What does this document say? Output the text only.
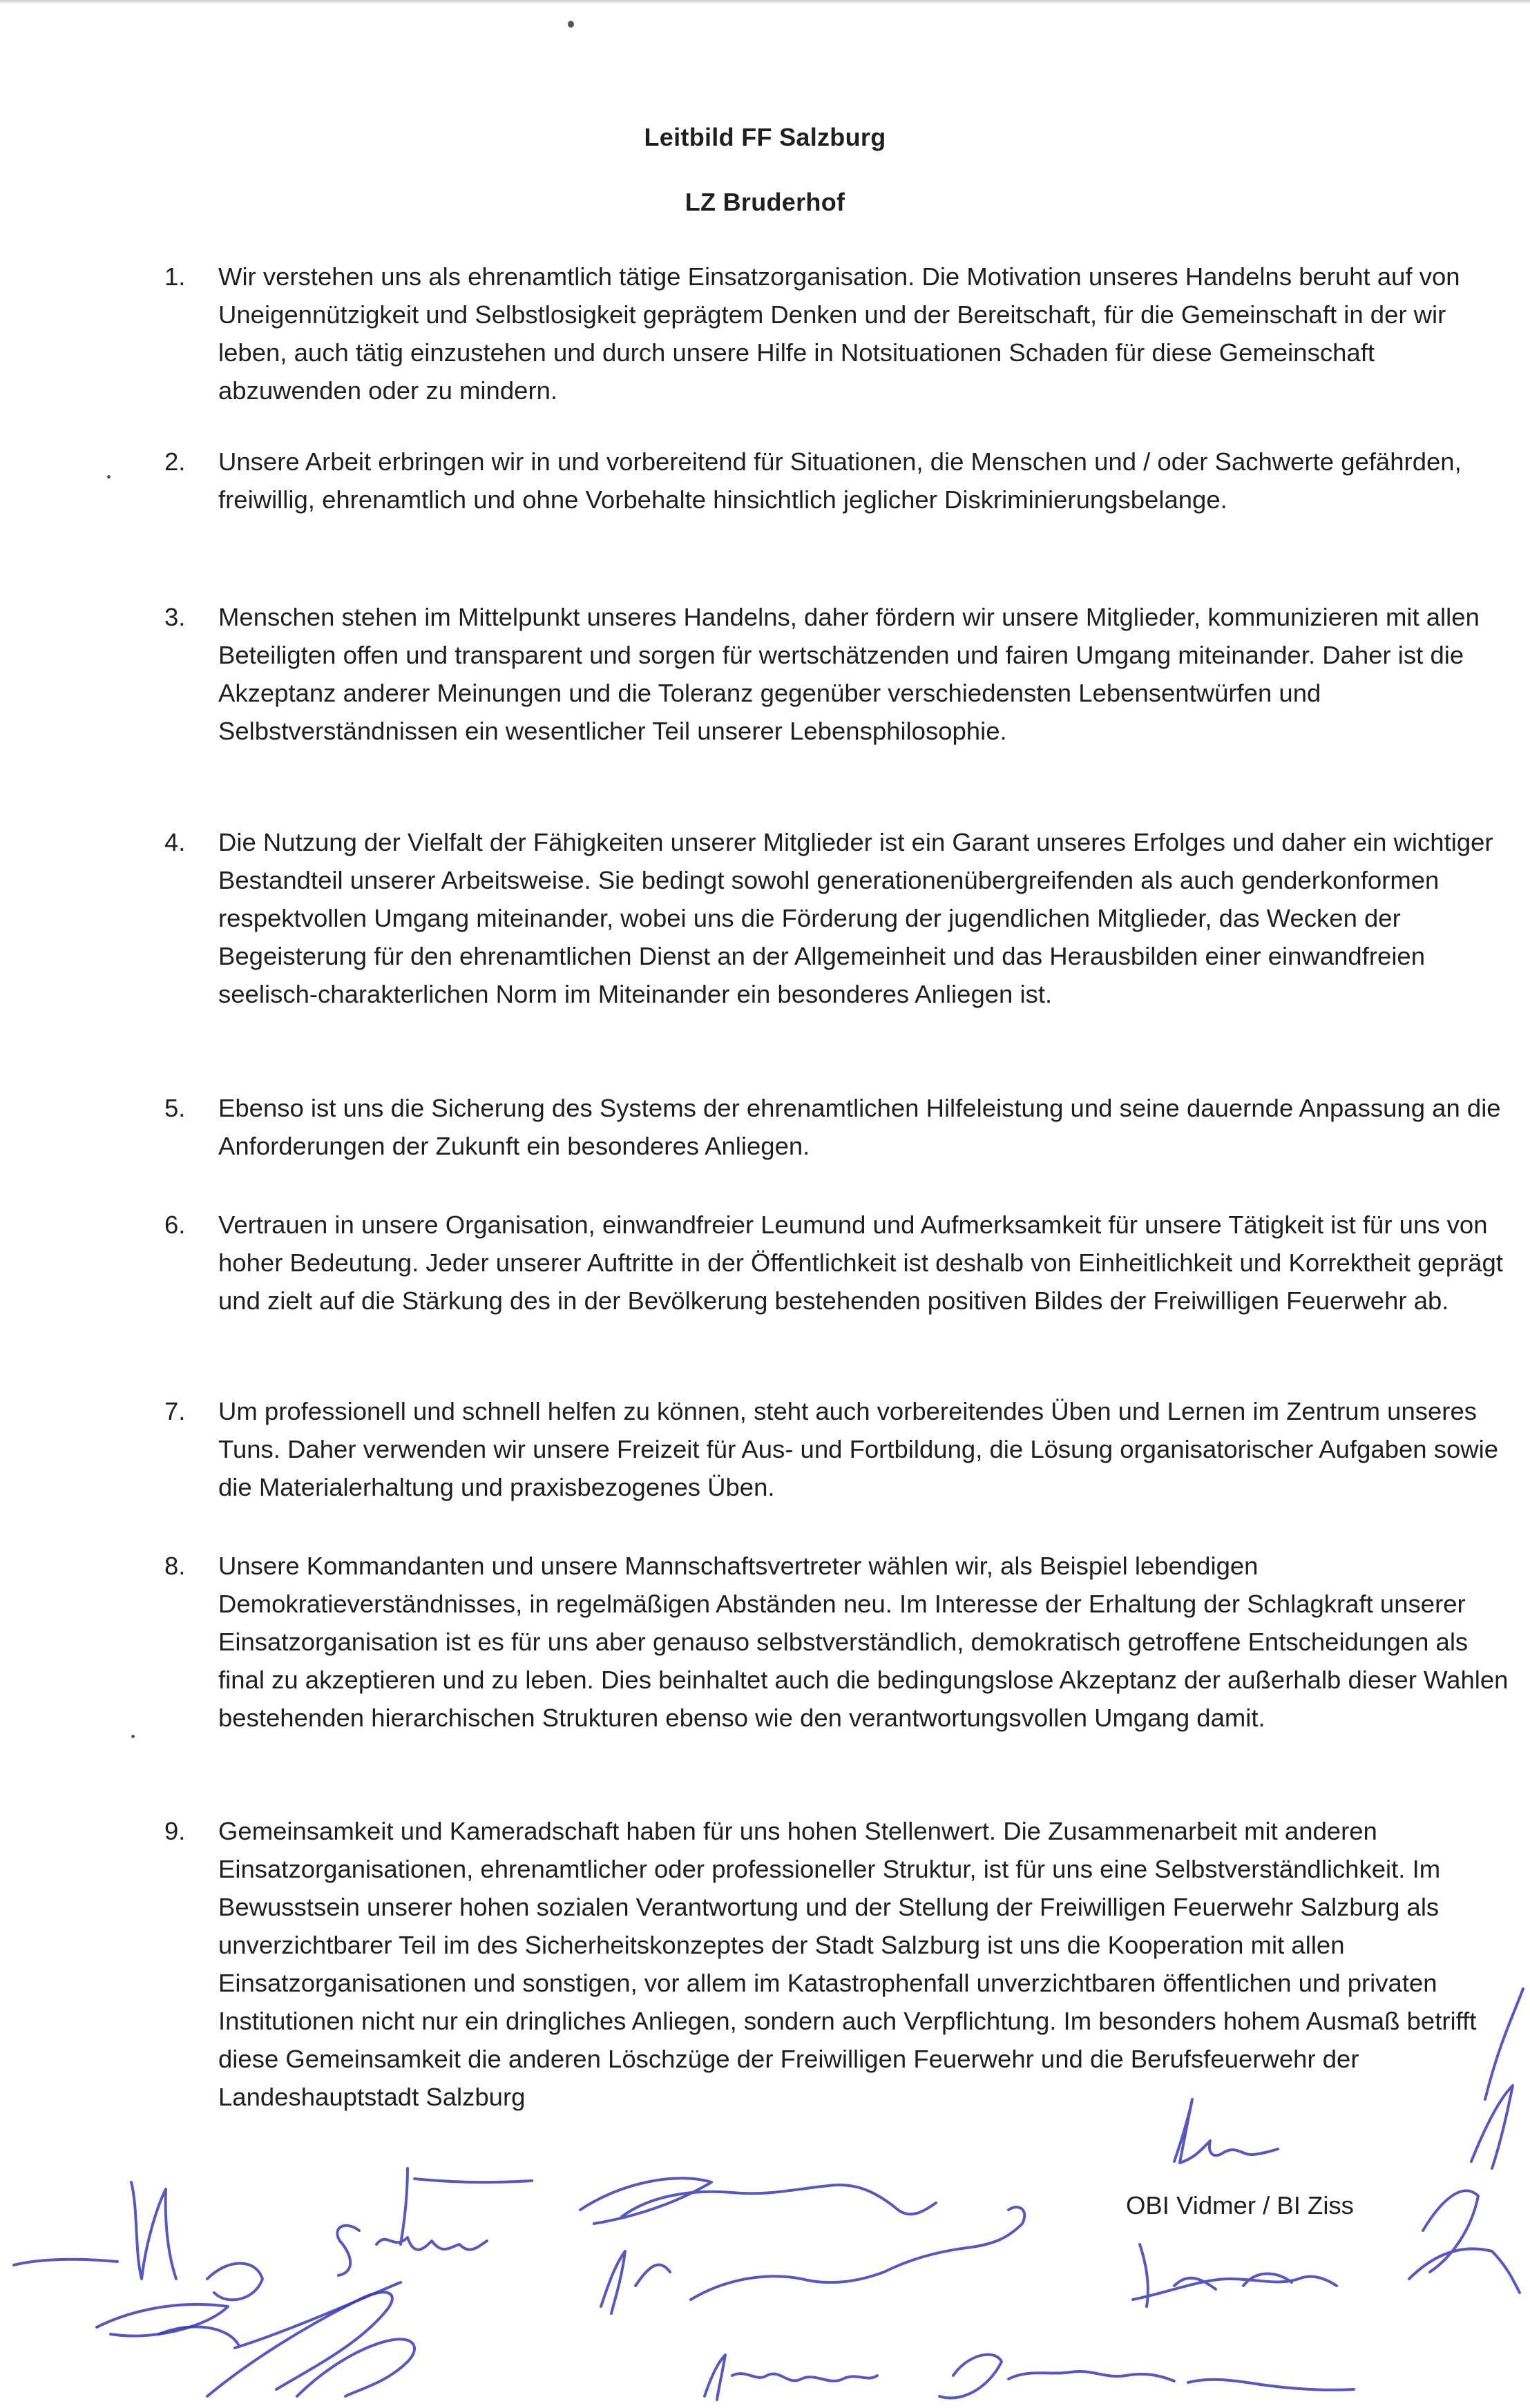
Leitbild FF Salzburg
LZ Bruderhof
1.	Wir verstehen uns als ehrenamtlich tätige Einsatzorganisation. Die Motivation unseres Handelns beruht auf von Uneigennützigkeit und Selbstlosigkeit geprägtem Denken und der Bereitschaft, für die Gemeinschaft in der wir leben, auch tätig einzustehen und durch unsere Hilfe in Notsituationen Schaden für diese Gemeinschaft abzuwenden oder zu mindern.
2.	Unsere Arbeit erbringen wir in und vorbereitend für Situationen, die Menschen und / oder Sachwerte gefährden, freiwillig, ehrenamtlich und ohne Vorbehalte hinsichtlich jeglicher Diskriminierungsbelange.
3.	Menschen stehen im Mittelpunkt unseres Handelns, daher fördern wir unsere Mitglieder, kommunizieren mit allen Beteiligten offen und transparent und sorgen für wertschätzenden und fairen Umgang miteinander. Daher ist die Akzeptanz anderer Meinungen und die Toleranz gegenüber verschiedensten Lebensentwürfen und Selbstverständnissen ein wesentlicher Teil unserer Lebensphilosophie.
4.	Die Nutzung der Vielfalt der Fähigkeiten unserer Mitglieder ist ein Garant unseres Erfolges und daher ein wichtiger Bestandteil unserer Arbeitsweise. Sie bedingt sowohl generationenübergreifenden als auch genderkonformen respektvollen Umgang miteinander, wobei uns die Förderung der jugendlichen Mitglieder, das Wecken der Begeisterung für den ehrenamtlichen Dienst an der Allgemeinheit und das Herausbilden einer einwandfreien seelisch-charakterlichen Norm im Miteinander ein besonderes Anliegen ist.
5.	Ebenso ist uns die Sicherung des Systems der ehrenamtlichen Hilfeleistung und seine dauernde Anpassung an die Anforderungen der Zukunft ein besonderes Anliegen.
6.	Vertrauen in unsere Organisation, einwandfreier Leumund und Aufmerksamkeit für unsere Tätigkeit ist für uns von hoher Bedeutung. Jeder unserer Auftritte in der Öffentlichkeit ist deshalb von Einheitlichkeit und Korrektheit geprägt und zielt auf die Stärkung des in der Bevölkerung bestehenden positiven Bildes der Freiwilligen Feuerwehr ab.
7.	Um professionell und schnell helfen zu können, steht auch vorbereitendes Üben und Lernen im Zentrum unseres Tuns. Daher verwenden wir unsere Freizeit für Aus- und Fortbildung, die Lösung organisatorischer Aufgaben sowie die Materialerhaltung und praxisbezogenes Üben.
8.	Unsere Kommandanten und unsere Mannschaftsvertreter wählen wir, als Beispiel lebendigen Demokratieverständnisses, in regelmäßigen Abständen neu. Im Interesse der Erhaltung der Schlagkraft unserer Einsatzorganisation ist es für uns aber genauso selbstverständlich, demokratisch getroffene Entscheidungen als final zu akzeptieren und zu leben. Dies beinhaltet auch die bedingungslose Akzeptanz der außerhalb dieser Wahlen bestehenden hierarchischen Strukturen ebenso wie den verantwortungsvollen Umgang damit.
9.	Gemeinsamkeit und Kameradschaft haben für uns hohen Stellenwert. Die Zusammenarbeit mit anderen Einsatzorganisationen, ehrenamtlicher oder professioneller Struktur, ist für uns eine Selbstverständlichkeit. Im Bewusstsein unserer hohen sozialen Verantwortung und der Stellung der Freiwilligen Feuerwehr Salzburg als unverzichtbarer Teil im des Sicherheitskonzeptes der Stadt Salzburg ist uns die Kooperation mit allen Einsatzorganisationen und sonstigen, vor allem im Katastrophenfall unverzichtbaren öffentlichen und privaten Institutionen nicht nur ein dringliches Anliegen, sondern auch Verpflichtung. Im besonders hohem Ausmaß betrifft diese Gemeinsamkeit die anderen Löschzüge der Freiwilligen Feuerwehr und die Berufsfeuerwehr der Landeshauptstadt Salzburg
OBI Vidmer / BI Ziss
